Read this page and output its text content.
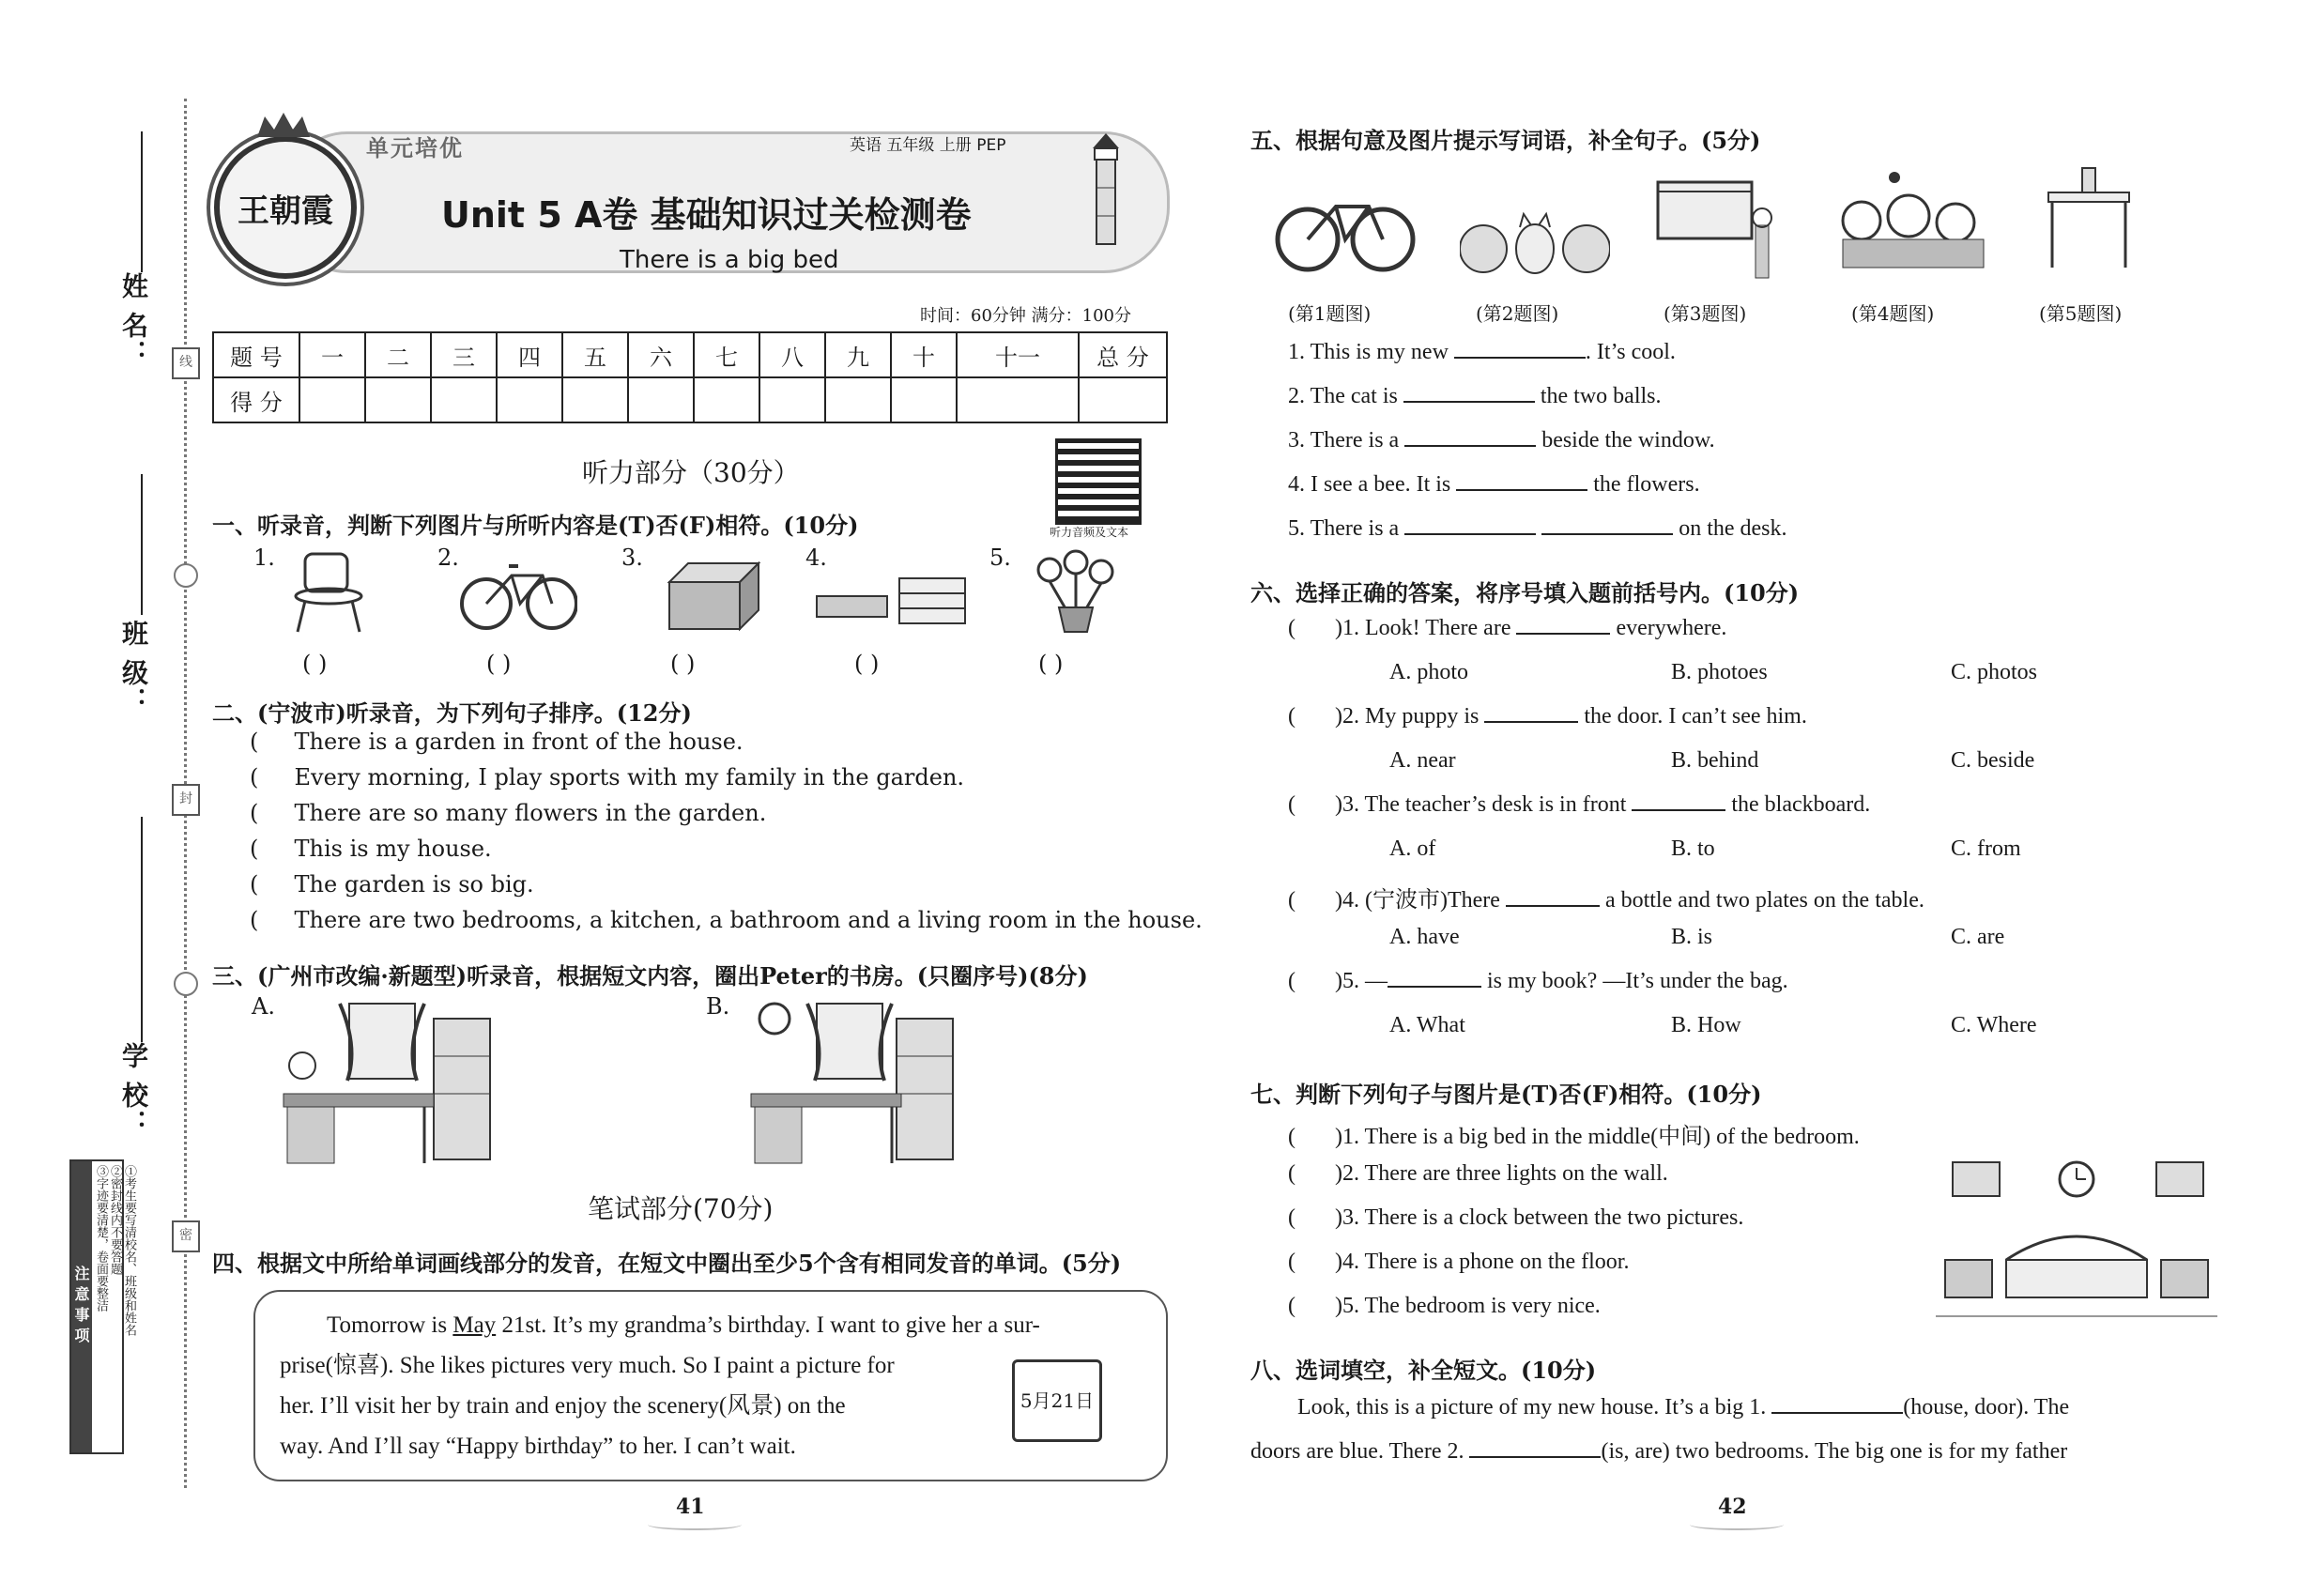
线
封
密
姓 名：
班 级：
学 校：
注意事项	①考生要写清校名、班级和姓名
②密封线内不要答题
③字迹要清楚，卷面要整洁
王朝霞
单元培优	英语 五年级 上册 PEP
Unit 5 A卷 基础知识过关检测卷
There is a big bed
时间：60分钟 满分：100分
题 号	一	二	三	四	五	六	七	八	九	十	十一	总 分
得 分												
听力部分（30分）
听力音频及文本
一、听录音，判断下列图片与所听内容是(T)否(F)相符。(10分)
1.
( )
2.
( )
3.
( )
4.
( )
5.
( )
二、(宁波市)听录音，为下列句子排序。(12分)
(     There is a garden in front of the house.
(     Every morning, I play sports with my family in the garden.
(     There are so many flowers in the garden.
(     This is my house.
(     The garden is so big.
(     There are two bedrooms, a kitchen, a bathroom and a living room in the house.
三、(广州市改编·新题型)听录音，根据短文内容，圈出Peter的书房。(只圈序号)(8分)
A.	B.
笔试部分(70分)
四、根据文中所给单词画线部分的发音，在短文中圈出至少5个含有相同发音的单词。(5分)
Tomorrow is May 21st. It’s my grandma’s birthday. I want to give her a sur-
prise(惊喜). She likes pictures very much. So I paint a picture for
her. I’ll visit her by train and enjoy the scenery(风景) on the
way. And I’ll say “Happy birthday” to her. I can’t wait.
5月21日
41
五、根据句意及图片提示写词语，补全句子。(5分)
(第1题图)	(第2题图)	(第3题图)	(第4题图)	(第5题图)
1. This is my new	. It’s cool.
2. The cat is	the two balls.
3. There is a	beside the window.
4. I see a bee. It is	the flowers.
5. There is a	on the desk.
六、选择正确的答案，将序号填入题前括号内。(10分)
(       )1. Look! There are	everywhere.
A. photo	B. photoes	C. photos
(       )2. My puppy is	the door. I can’t see him.
A. near	B. behind	C. beside
(       )3. The teacher’s desk is in front	the blackboard.
A. of	B. to	C. from
(       )4. (宁波市)There	a bottle and two plates on the table.
A. have	B. is	C. are
(       )5. —	is my book? —It’s under the bag.
A. What	B. How	C. Where
七、判断下列句子与图片是(T)否(F)相符。(10分)
(       )1. There is a big bed in the middle(中间) of the bedroom.
(       )2. There are three lights on the wall.
(       )3. There is a clock between the two pictures.
(       )4. There is a phone on the floor.
(       )5. The bedroom is very nice.
八、选词填空，补全短文。(10分)
Look, this is a picture of my new house. It’s a big 1.	(house, door). The
doors are blue. There 2.	(is, are) two bedrooms. The big one is for my father
42
